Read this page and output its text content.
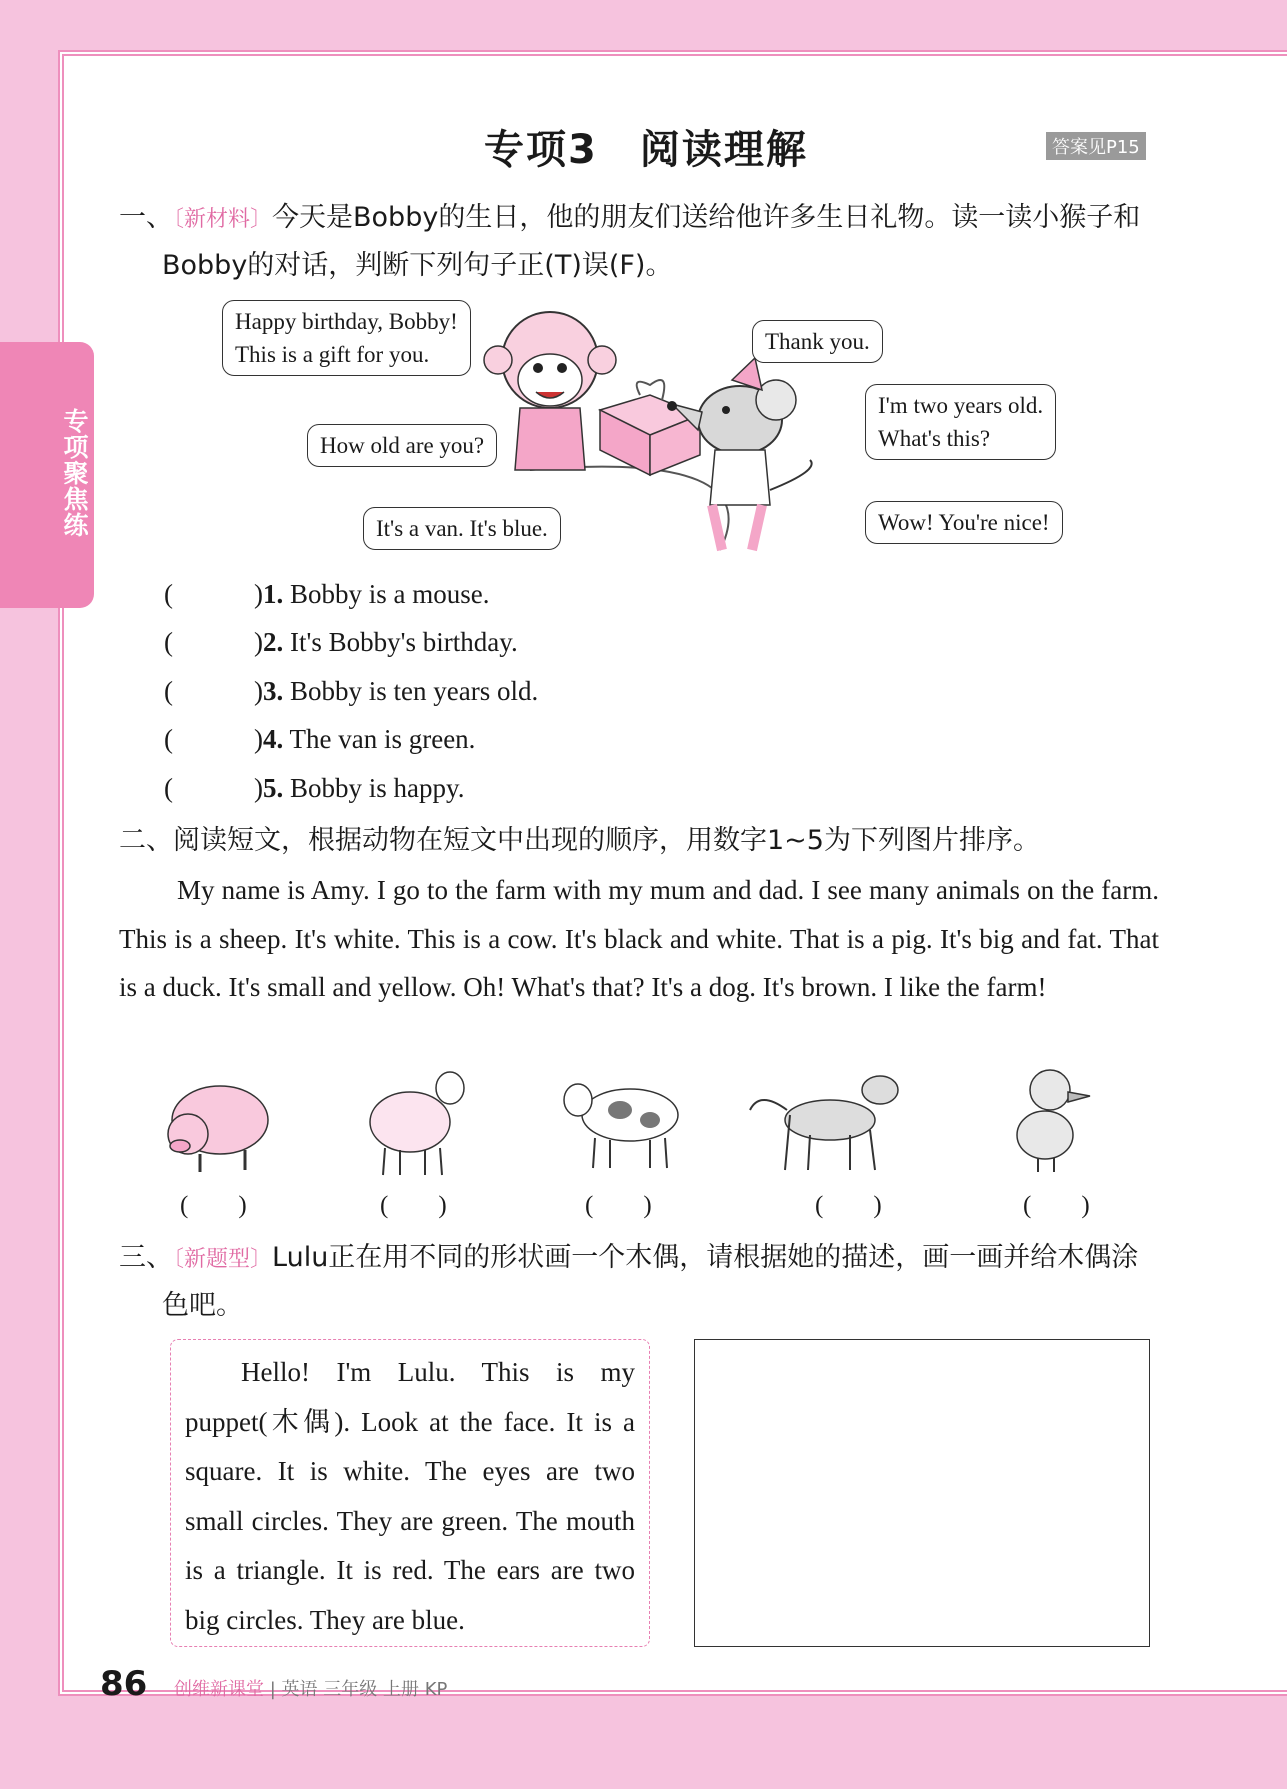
专项聚焦练
专项3　阅读理解	答案见P15
一、〔新材料〕今天是Bobby的生日，他的朋友们送给他许多生日礼物。读一读小猴子和
Bobby的对话，判断下列句子正(T)误(F)。
Happy birthday, Bobby!
This is a gift for you.
How old are you?
It's a van. It's blue.
Thank you.
I'm two years old.
What's this?
Wow! You're nice!
(　　　)1. Bobby is a mouse.
(　　　)2. It's Bobby's birthday.
(　　　)3. Bobby is ten years old.
(　　　)4. The van is green.
(　　　)5. Bobby is happy.
二、阅读短文，根据动物在短文中出现的顺序，用数字1~5为下列图片排序。
My name is Amy. I go to the farm with my mum and dad. I see many animals on the farm. This is a sheep. It's white. This is a cow. It's black and white. That is a pig. It's big and fat. That is a duck. It's small and yellow. Oh! What's that? It's a dog. It's brown. I like the farm!
(　　)	(　　)	(　　)	(　　)	(　　)
三、〔新题型〕Lulu正在用不同的形状画一个木偶，请根据她的描述，画一画并给木偶涂
色吧。
Hello! I'm Lulu. This is my puppet(木偶). Look at the face. It is a square. It is white. The eyes are two small circles. They are green. The mouth is a triangle. It is red. The ears are two big circles. They are blue.
86 创维新课堂 | 英语 三年级 上册 KP
